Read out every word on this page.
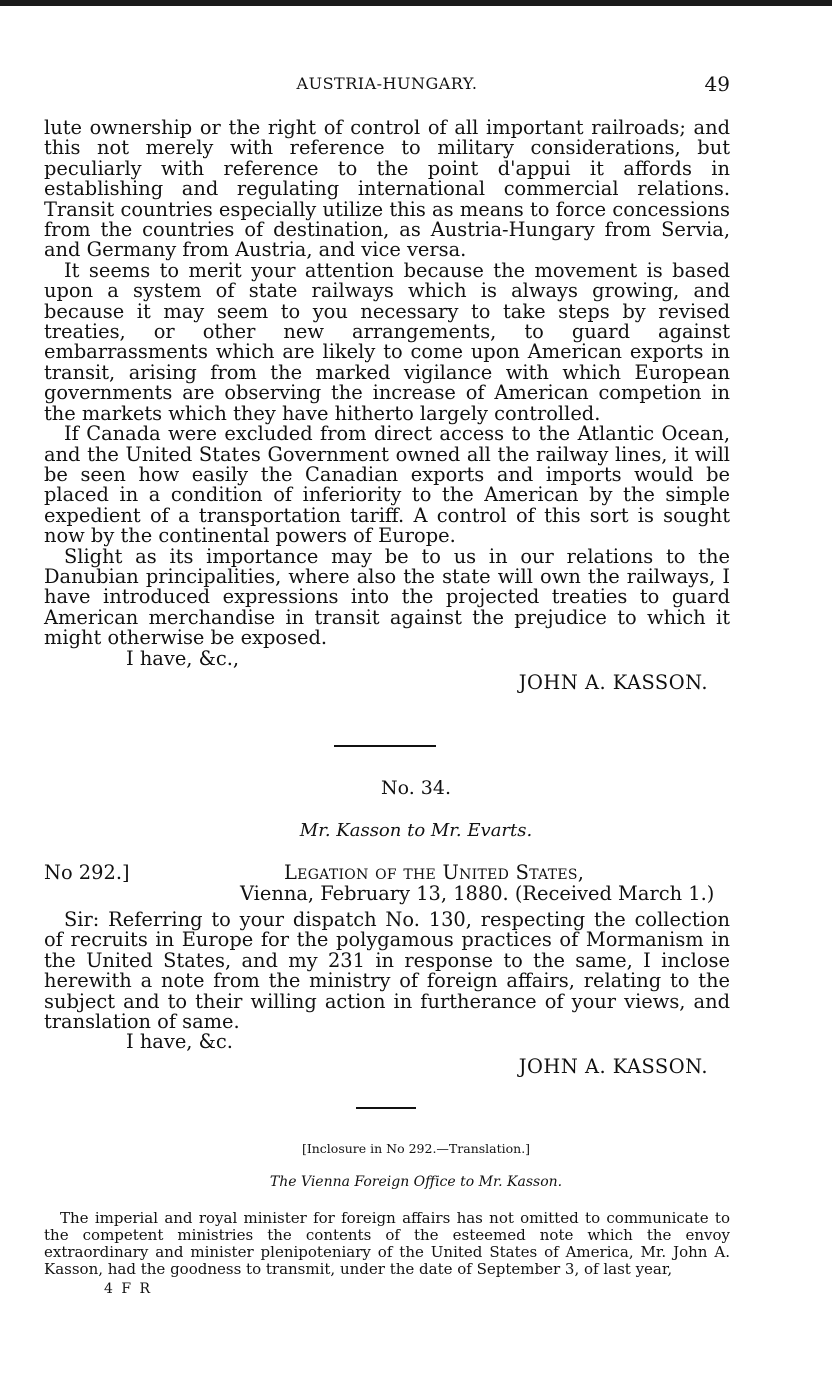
AUSTRIA-HUNGARY.	49

lute ownership or the right of control of all important railroads; and this not merely with reference to military considerations, but peculiarly with reference to the point d'appui it affords in establishing and regulating international commercial relations. Transit countries especially utilize this as means to force concessions from the countries of destination, as Austria-Hungary from Servia, and Germany from Austria, and vice versa.

It seems to merit your attention because the movement is based upon a system of state railways which is always growing, and because it may seem to you necessary to take steps by revised treaties, or other new arrangements, to guard against embarrassments which are likely to come upon American exports in transit, arising from the marked vigilance with which European governments are observing the increase of American competion in the markets which they have hitherto largely controlled.

If Canada were excluded from direct access to the Atlantic Ocean, and the United States Government owned all the railway lines, it will be seen how easily the Canadian exports and imports would be placed in a condition of inferiority to the American by the simple expedient of a transportation tariff. A control of this sort is sought now by the continental powers of Europe.

Slight as its importance may be to us in our relations to the Danubian principalities, where also the state will own the railways, I have introduced expressions into the projected treaties to guard American merchandise in transit against the prejudice to which it might otherwise be exposed.

I have, &c.,

JOHN A. KASSON.

No. 34.
Mr. Kasson to Mr. Evarts.
No 292.]	Legation of the United States,
Vienna, February 13, 1880. (Received March 1.)

Sir: Referring to your dispatch No. 130, respecting the collection of recruits in Europe for the polygamous practices of Mormanism in the United States, and my 231 in response to the same, I inclose herewith a note from the ministry of foreign affairs, relating to the subject and to their willing action in furtherance of your views, and translation of same.

I have, &c.

JOHN A. KASSON.

[Inclosure in No 292.—Translation.]
The Vienna Foreign Office to Mr. Kasson.

The imperial and royal minister for foreign affairs has not omitted to communicate to the competent ministries the contents of the esteemed note which the envoy extraordinary and minister plenipoteniary of the United States of America, Mr. John A. Kasson, had the goodness to transmit, under the date of September 3, of last year,

4 F R
